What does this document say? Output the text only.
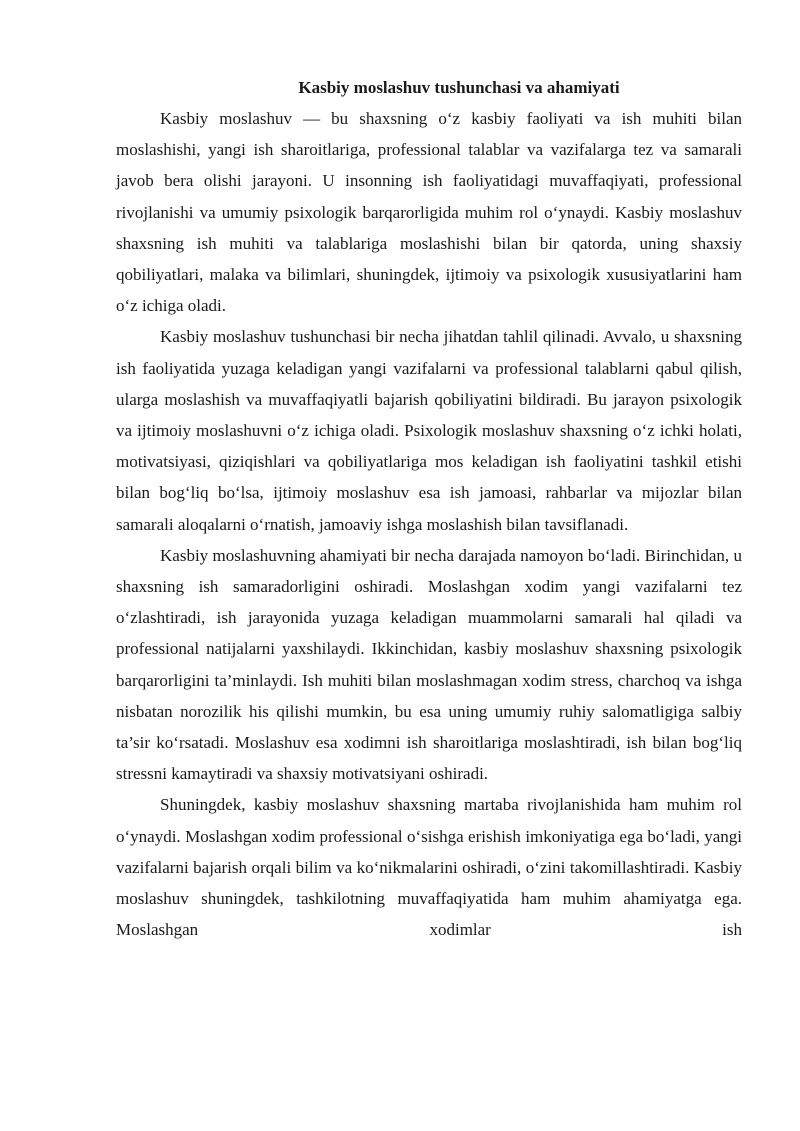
Kasbiy moslashuv tushunchasi va ahamiyati

Kasbiy moslashuv — bu shaxsning o‘z kasbiy faoliyati va ish muhiti bilan moslashishi, yangi ish sharoitlariga, professional talablar va vazifalarga tez va samarali javob bera olishi jarayoni. U insonning ish faoliyatidagi muvaffaqiyati, professional rivojlanishi va umumiy psixologik barqarorligida muhim rol o‘ynaydi. Kasbiy moslashuv shaxsning ish muhiti va talablariga moslashishi bilan bir qatorda, uning shaxsiy qobiliyatlari, malaka va bilimlari, shuningdek, ijtimoiy va psixologik xususiyatlarini ham o‘z ichiga oladi.

Kasbiy moslashuv tushunchasi bir necha jihatdan tahlil qilinadi. Avvalo, u shaxsning ish faoliyatida yuzaga keladigan yangi vazifalarni va professional talablarni qabul qilish, ularga moslashish va muvaffaqiyatli bajarish qobiliyatini bildiradi. Bu jarayon psixologik va ijtimoiy moslashuvni o‘z ichiga oladi. Psixologik moslashuv shaxsning o‘z ichki holati, motivatsiyasi, qiziqishlari va qobiliyatlariga mos keladigan ish faoliyatini tashkil etishi bilan bog‘liq bo‘lsa, ijtimoiy moslashuv esa ish jamoasi, rahbarlar va mijozlar bilan samarali aloqalarni o‘rnatish, jamoaviy ishga moslashish bilan tavsiflanadi.

Kasbiy moslashuvning ahamiyati bir necha darajada namoyon bo‘ladi. Birinchidan, u shaxsning ish samaradorligini oshiradi. Moslashgan xodim yangi vazifalarni tez o‘zlashtiradi, ish jarayonida yuzaga keladigan muammolarni samarali hal qiladi va professional natijalarni yaxshilaydi. Ikkinchidan, kasbiy moslashuv shaxsning psixologik barqarorligini ta’minlaydi. Ish muhiti bilan moslashmagan xodim stress, charchoq va ishga nisbatan norozilik his qilishi mumkin, bu esa uning umumiy ruhiy salomatligiga salbiy ta’sir ko‘rsatadi. Moslashuv esa xodimni ish sharoitlariga moslashtiradi, ish bilan bog‘liq stressni kamaytiradi va shaxsiy motivatsiyani oshiradi.

Shuningdek, kasbiy moslashuv shaxsning martaba rivojlanishida ham muhim rol o‘ynaydi. Moslashgan xodim professional o‘sishga erishish imkoniyatiga ega bo‘ladi, yangi vazifalarni bajarish orqali bilim va ko‘nikmalarini oshiradi, o‘zini takomillashtiradi. Kasbiy moslashuv shuningdek, tashkilotning muvaffaqiyatida ham muhim ahamiyatga ega. Moslashgan xodimlar ish
